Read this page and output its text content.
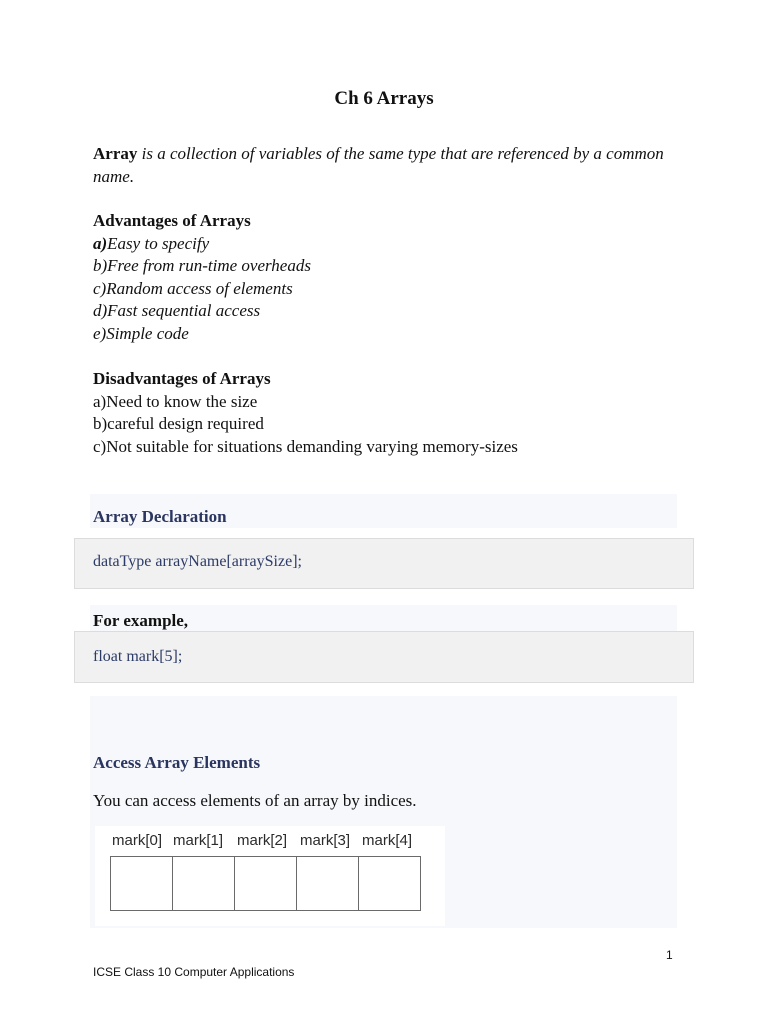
Ch 6 Arrays
Array is a collection of variables of the same type that are referenced by a common name.
Advantages of Arrays
a)Easy to specify
b)Free from run-time overheads
c)Random access of elements
d)Fast sequential access
e)Simple code
Disadvantages of Arrays
a)Need to know the size
b)careful design required
c)Not suitable for situations demanding varying memory-sizes
Array Declaration
dataType arrayName[arraySize];
For example,
float mark[5];
Access Array Elements
You can access elements of an array by indices.
mark[0] mark[1] mark[2] mark[3] mark[4]
1
ICSE Class 10 Computer Applications
